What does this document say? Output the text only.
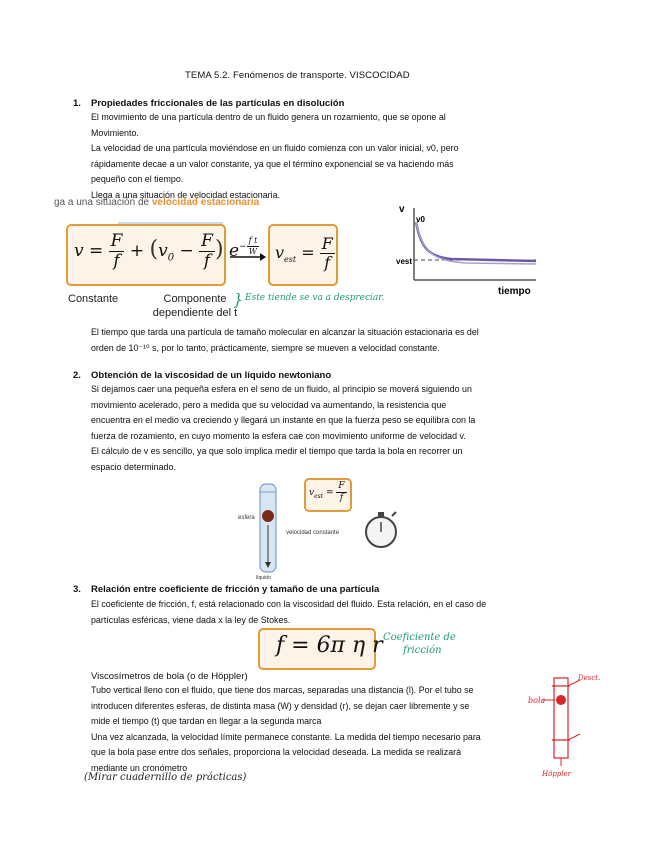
TEMA 5.2. Fenómenos de transporte. VISCOCIDAD
1. Propiedades friccionales de las partículas en disolución
El movimiento de una partícula dentro de un fluido genera un rozamiento, que se opone al
Movimiento.
La velocidad de una partícula moviéndose en un fluido comienza con un valor inicial, v0, pero
rápidamente decae a un valor constante, ya que el término exponencial se va haciendo más
pequeño con el tiempo.
Llega a una situación de velocidad estacionaria.
ga a una situación de velocidad estacionaria
$v = \frac{F}{f} + (v_0 - \frac{F}{f}$ ) $e^{- \frac{\text{f t}}{W}}$ $v_{est} = \frac{F}{f}$
Constante	Componente
dependiente del t
} Este tiende se va a despreciar.
v
v0
vest
tiempo
El tiempo que tarda una partícula de tamaño molecular en alcanzar la situación estacionaria es del
orden de 10⁻¹⁰ s, por lo tanto, prácticamente, siempre se mueven a velocidad constante.
2. Obtención de la viscosidad de un líquido newtoniano
Si dejamos caer una pequeña esfera en el seno de un fluido, al principio se moverá siguiendo un
movimiento acelerado, pero a medida que su velocidad va aumentando, la resistencia que
encuentra en el medio va creciendo y llegará un instante en que la fuerza peso se equilibra con la
fuerza de rozamiento, en cuyo momento la esfera cae con movimiento uniforme de velocidad v.
El cálculo de v es sencillo, ya que solo implica medir el tiempo que tarda la bola en recorrer un
espacio determinado.
esfera
velocidad constante
líquido
$v_{est} = \frac{F}{f}$
3. Relación entre coeficiente de fricción y tamaño de una partícula
El coeficiente de fricción, f, está relacionado con la viscosidad del fluido. Esta relación, en el caso de
partículas esféricas, viene dada x la ley de Stokes.
f = 6π η r Coeficiente de
fricción
Viscosímetros de bola (o de Höppler)
Tubo vertical lleno con el fluido, que tiene dos marcas, separadas una distancia (l). Por el tubo se
introducen diferentes esferas, de distinta masa (W) y densidad (r), se dejan caer libremente y se
mide el tiempo (t) que tardan en llegar a la segunda marca
Una vez alcanzada, la velocidad límite permanece constante. La medida del tiempo necesario para
que la bola pase entre dos señales, proporciona la velocidad deseada. La medida se realizará
mediante un cronómetro
(Mirar cuadernillo de prácticas)
bola
Desct.
Höppler
